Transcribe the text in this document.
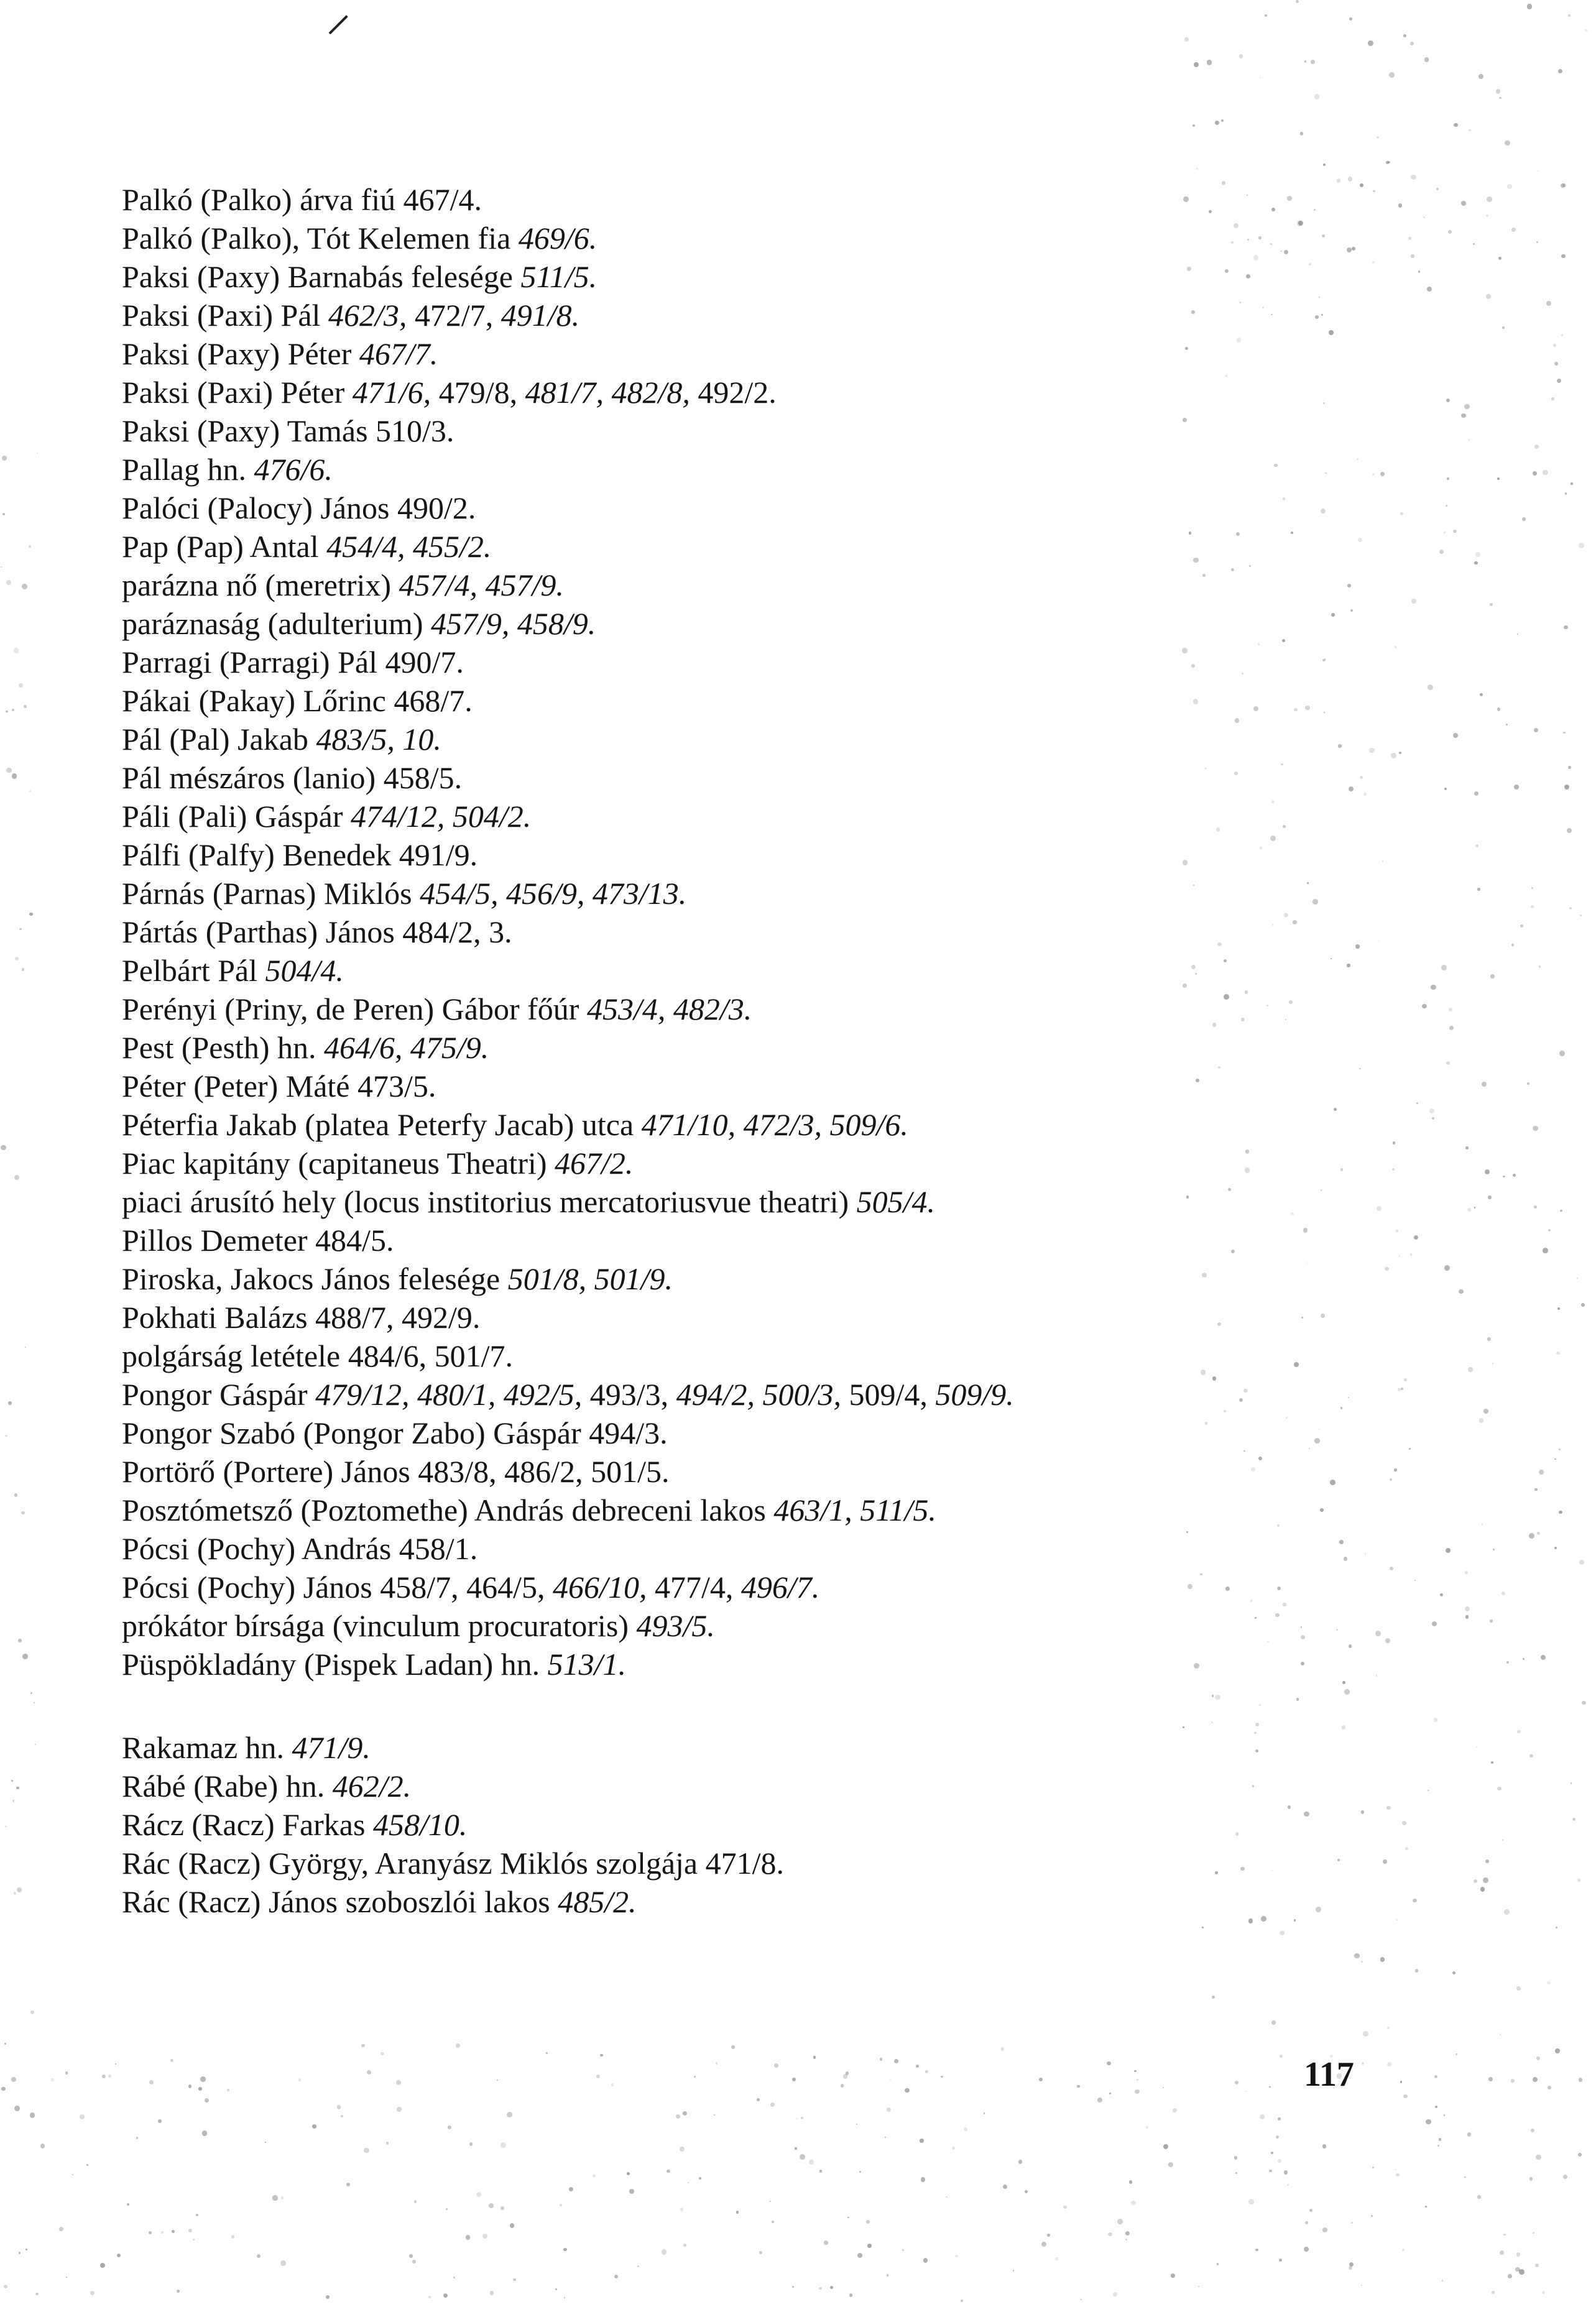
Palkó (Palko) árva fiú 467/4.
Palkó (Palko), Tót Kelemen fia 469/6.
Paksi (Paxy) Barnabás felesége 511/5.
Paksi (Paxi) Pál 462/3, 472/7, 491/8.
Paksi (Paxy) Péter 467/7.
Paksi (Paxi) Péter 471/6, 479/8, 481/7, 482/8, 492/2.
Paksi (Paxy) Tamás 510/3.
Pallag hn. 476/6.
Palóci (Palocy) János 490/2.
Pap (Pap) Antal 454/4, 455/2.
parázna nő (meretrix) 457/4, 457/9.
paráznaság (adulterium) 457/9, 458/9.
Parragi (Parragi) Pál 490/7.
Pákai (Pakay) Lőrinc 468/7.
Pál (Pal) Jakab 483/5, 10.
Pál mészáros (lanio) 458/5.
Páli (Pali) Gáspár 474/12, 504/2.
Pálfi (Palfy) Benedek 491/9.
Párnás (Parnas) Miklós 454/5, 456/9, 473/13.
Pártás (Parthas) János 484/2, 3.
Pelbárt Pál 504/4.
Perényi (Priny, de Peren) Gábor főúr 453/4, 482/3.
Pest (Pesth) hn. 464/6, 475/9.
Péter (Peter) Máté 473/5.
Péterfia Jakab (platea Peterfy Jacab) utca 471/10, 472/3, 509/6.
Piac kapitány (capitaneus Theatri) 467/2.
piaci árusító hely (locus institorius mercatoriusvue theatri) 505/4.
Pillos Demeter 484/5.
Piroska, Jakocs János felesége 501/8, 501/9.
Pokhati Balázs 488/7, 492/9.
polgárság letétele 484/6, 501/7.
Pongor Gáspár 479/12, 480/1, 492/5, 493/3, 494/2, 500/3, 509/4, 509/9.
Pongor Szabó (Pongor Zabo) Gáspár 494/3.
Portörő (Portere) János 483/8, 486/2, 501/5.
Posztómetsző (Poztomethe) András debreceni lakos 463/1, 511/5.
Pócsi (Pochy) András 458/1.
Pócsi (Pochy) János 458/7, 464/5, 466/10, 477/4, 496/7.
prókátor bírsága (vinculum procuratoris) 493/5.
Püspökladány (Pispek Ladan) hn. 513/1.
Rakamaz hn. 471/9.
Rábé (Rabe) hn. 462/2.
Rácz (Racz) Farkas 458/10.
Rác (Racz) György, Aranyász Miklós szolgája 471/8.
Rác (Racz) János szoboszlói lakos 485/2.
117
